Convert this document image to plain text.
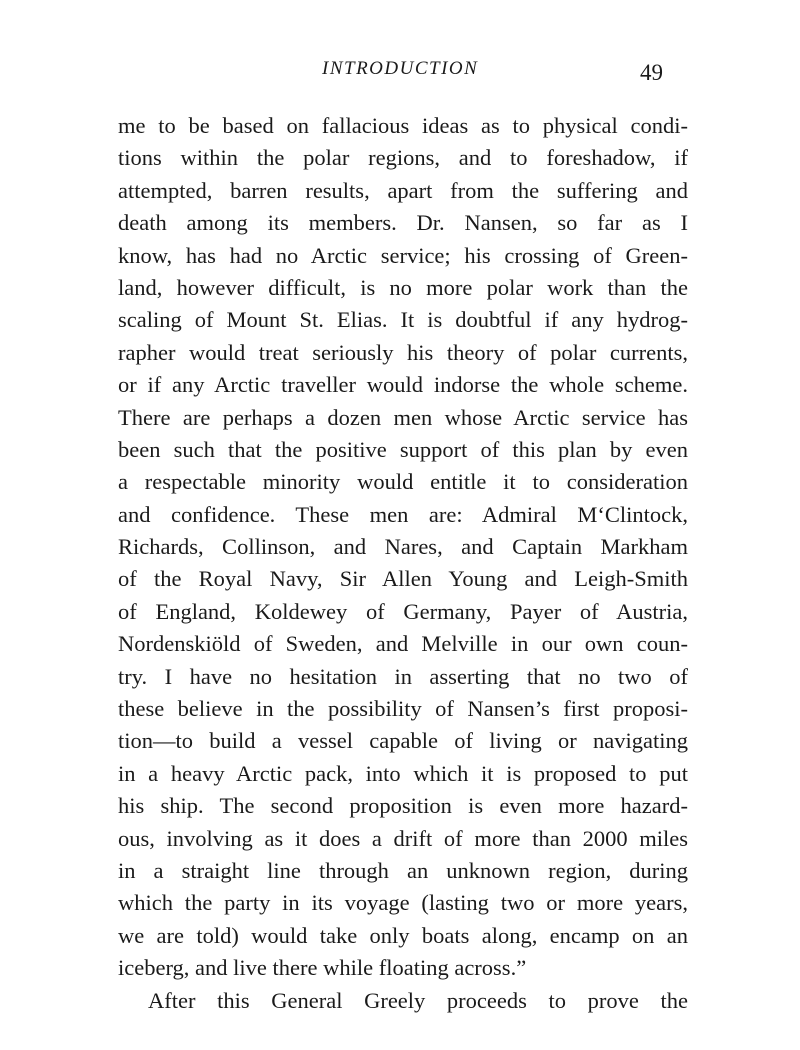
INTRODUCTION	49
me to be based on fallacious ideas as to physical condi-
tions within the polar regions, and to foreshadow, if
attempted, barren results, apart from the suffering and
death among its members. Dr. Nansen, so far as I
know, has had no Arctic service; his crossing of Green-
land, however difficult, is no more polar work than the
scaling of Mount St. Elias. It is doubtful if any hydrog-
rapher would treat seriously his theory of polar currents,
or if any Arctic traveller would indorse the whole scheme.
There are perhaps a dozen men whose Arctic service has
been such that the positive support of this plan by even
a respectable minority would entitle it to consideration
and confidence. These men are: Admiral M‘Clintock,
Richards, Collinson, and Nares, and Captain Markham
of the Royal Navy, Sir Allen Young and Leigh-Smith
of England, Koldewey of Germany, Payer of Austria,
Nordenskiöld of Sweden, and Melville in our own coun-
try. I have no hesitation in asserting that no two of
these believe in the possibility of Nansen’s first proposi-
tion—to build a vessel capable of living or navigating
in a heavy Arctic pack, into which it is proposed to put
his ship. The second proposition is even more hazard-
ous, involving as it does a drift of more than 2000 miles
in a straight line through an unknown region, during
which the party in its voyage (lasting two or more years,
we are told) would take only boats along, encamp on an
iceberg, and live there while floating across.”
After this General Greely proceeds to prove the
